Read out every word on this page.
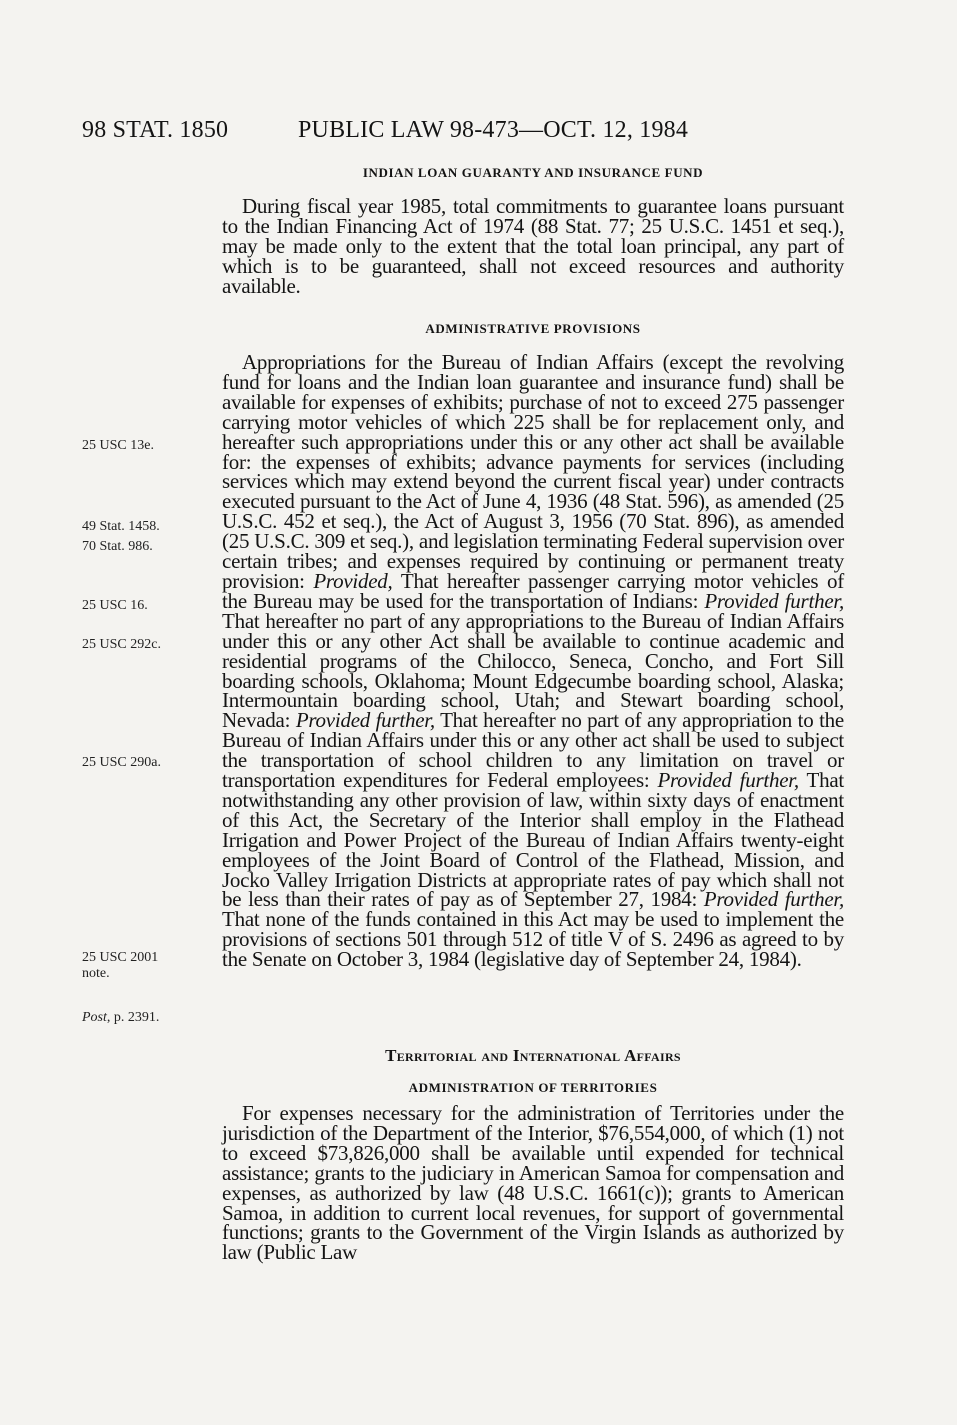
98 STAT. 1850	PUBLIC LAW 98-473—OCT. 12, 1984
INDIAN LOAN GUARANTY AND INSURANCE FUND

During fiscal year 1985, total commitments to guarantee loans pursuant to the Indian Financing Act of 1974 (88 Stat. 77; 25 U.S.C. 1451 et seq.), may be made only to the extent that the total loan principal, any part of which is to be guaranteed, shall not exceed resources and authority available.

ADMINISTRATIVE PROVISIONS

Appropriations for the Bureau of Indian Affairs (except the revolving fund for loans and the Indian loan guarantee and insurance fund) shall be available for expenses of exhibits; purchase of not to exceed 275 passenger carrying motor vehicles of which 225 shall be for replacement only, and hereafter such appropriations under this or any other act shall be available for: the expenses of exhibits; advance payments for services (including services which may extend beyond the current fiscal year) under contracts executed pursuant to the Act of June 4, 1936 (48 Stat. 596), as amended (25 U.S.C. 452 et seq.), the Act of August 3, 1956 (70 Stat. 896), as amended (25 U.S.C. 309 et seq.), and legislation terminating Federal supervision over certain tribes; and expenses required by continuing or permanent treaty provision: Provided, That hereafter passenger carrying motor vehicles of the Bureau may be used for the transportation of Indians: Provided further, That hereafter no part of any appropriations to the Bureau of Indian Affairs under this or any other Act shall be available to continue academic and residential programs of the Chilocco, Seneca, Concho, and Fort Sill boarding schools, Oklahoma; Mount Edgecumbe boarding school, Alaska; Intermountain boarding school, Utah; and Stewart boarding school, Nevada: Provided further, That hereafter no part of any appropriation to the Bureau of Indian Affairs under this or any other act shall be used to subject the transportation of school children to any limitation on travel or transportation expenditures for Federal employees: Provided further, That notwithstanding any other provision of law, within sixty days of enactment of this Act, the Secretary of the Interior shall employ in the Flathead Irrigation and Power Project of the Bureau of Indian Affairs twenty-eight employees of the Joint Board of Control of the Flathead, Mission, and Jocko Valley Irrigation Districts at appropriate rates of pay which shall not be less than their rates of pay as of September 27, 1984: Provided further, That none of the funds contained in this Act may be used to implement the provisions of sections 501 through 512 of title V of S. 2496 as agreed to by the Senate on October 3, 1984 (legislative day of September 24, 1984).

Territorial and International Affairs
ADMINISTRATION OF TERRITORIES

For expenses necessary for the administration of Territories under the jurisdiction of the Department of the Interior, $76,554,000, of which (1) not to exceed $73,826,000 shall be available until expended for technical assistance; grants to the judiciary in American Samoa for compensation and expenses, as authorized by law (48 U.S.C. 1661(c)); grants to American Samoa, in addition to current local revenues, for support of governmental functions; grants to the Government of the Virgin Islands as authorized by law (Public Law

25 USC 13e.
49 Stat. 1458.
70 Stat. 986.
25 USC 16.
25 USC 292c.
25 USC 290a.
25 USC 2001
note.
Post, p. 2391.
